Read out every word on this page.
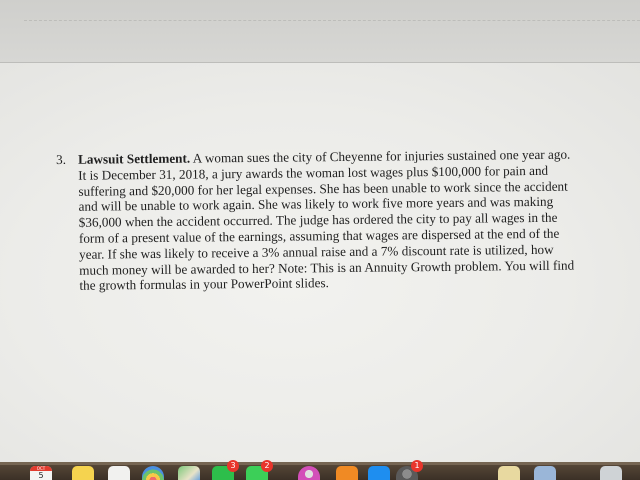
3. Lawsuit Settlement. A woman sues the city of Cheyenne for injuries sustained one year ago. It is December 31, 2018, a jury awards the woman lost wages plus $100,000 for pain and suffering and $20,000 for her legal expenses. She has been unable to work since the accident and will be unable to work again. She was likely to work five more years and was making $36,000 when the accident occurred. The judge has ordered the city to pay all wages in the form of a present value of the earnings, assuming that wages are dispersed at the end of the year. If she was likely to receive a 3% annual raise and a 7% discount rate is utilized, how much money will be awarded to her? Note: This is an Annuity Growth problem. You will find the growth formulas in your PowerPoint slides.
OCT
5
3	2	1
